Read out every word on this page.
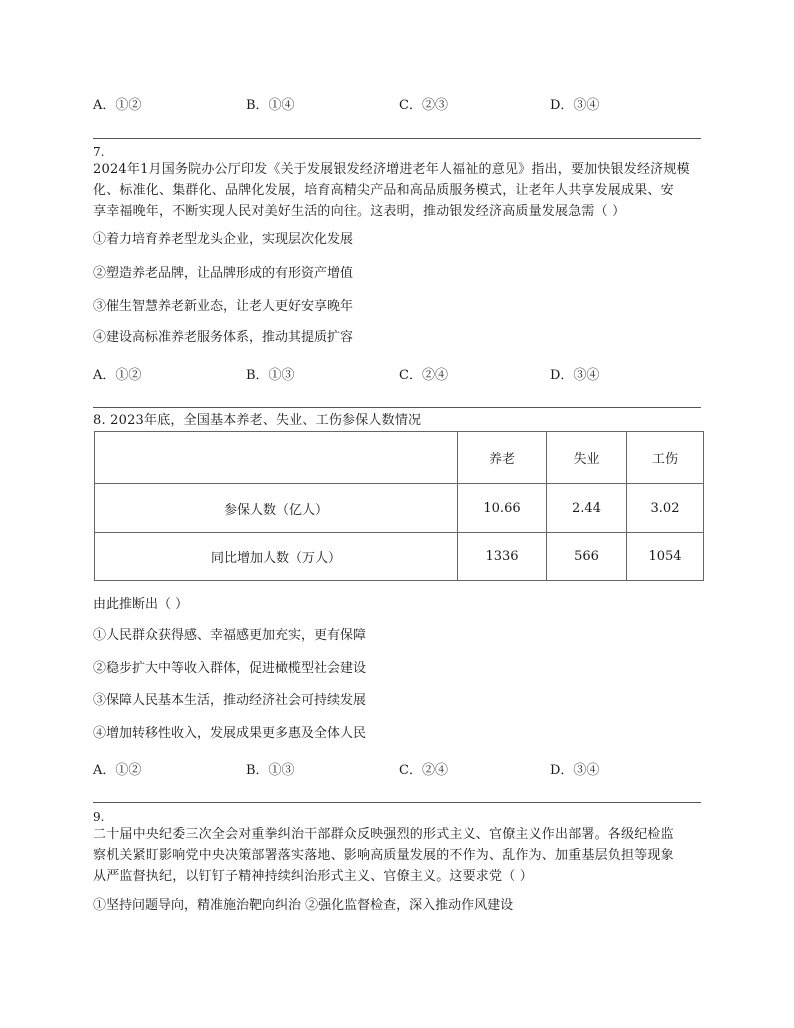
A．①②	B．①④	C．②③	D．③④
7.
2024年1月国务院办公厅印发《关于发展银发经济增进老年人福祉的意见》指出，要加快银发经济规模
化、标准化、集群化、品牌化发展，培育高精尖产品和高品质服务模式，让老年人共享发展成果、安
享幸福晚年，不断实现人民对美好生活的向往。这表明，推动银发经济高质量发展急需（ ）
①着力培育养老型龙头企业，实现层次化发展
②塑造养老品牌，让品牌形成的有形资产增值
③催生智慧养老新业态，让老人更好安享晚年
④建设高标准养老服务体系，推动其提质扩容
A．①②	B．①③	C．②④	D．③④
8. 2023年底，全国基本养老、失业、工伤参保人数情况
	养老	失业	工伤
参保人数（亿人）	10.66	2.44	3.02
同比增加人数（万人）	1336	566	1054
由此推断出（ ）
①人民群众获得感、幸福感更加充实，更有保障
②稳步扩大中等收入群体，促进橄榄型社会建设
③保障人民基本生活，推动经济社会可持续发展
④增加转移性收入，发展成果更多惠及全体人民
A．①②	B．①③	C．②④	D．③④
9.
二十届中央纪委三次全会对重拳纠治干部群众反映强烈的形式主义、官僚主义作出部署。各级纪检监
察机关紧盯影响党中央决策部署落实落地、影响高质量发展的不作为、乱作为、加重基层负担等现象
从严监督执纪，以钉钉子精神持续纠治形式主义、官僚主义。这要求党（ ）
①坚持问题导向，精准施治靶向纠治 ②强化监督检查，深入推动作风建设
